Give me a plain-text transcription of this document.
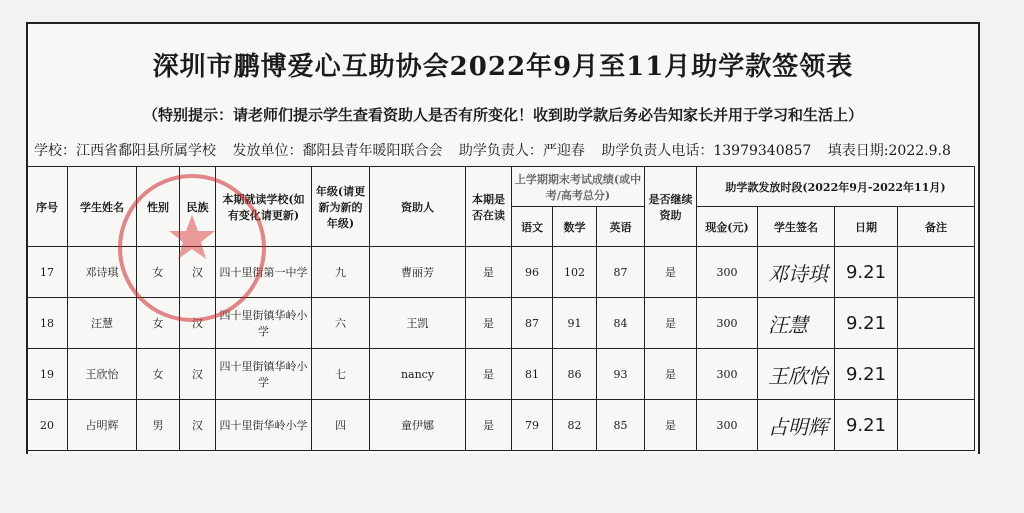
深圳市鹏博爱心互助协会2022年9月至11月助学款签领表
（特别提示：请老师们提示学生查看资助人是否有所变化！收到助学款后务必告知家长并用于学习和生活上）
学校：江西省鄱阳县所属学校 发放单位：鄱阳县青年暖阳联合会 助学负责人：严迎春 助学负责人电话：13979340857 填表日期:2022.9.8
序号	学生姓名	性别	民族	本期就读学校(如有变化请更新)	年级(请更新为新的年级)	资助人	本期是否在读	上学期期末考试成绩(或中考/高考总分)			是否继续资助	助学款发放时段(2022年9月-2022年11月)			
								语文	数学	英语		现金(元)	学生签名	日期	备注
17	邓诗琪	女	汉	四十里街第一中学	九	曹丽芳	是	96	102	87	是	300	邓诗琪	9.21	
18	汪慧	女	汉	四十里街镇华岭小学	六	王凯	是	87	91	84	是	300	汪慧	9.21	
19	王欣怡	女	汉	四十里街镇华岭小学	七	nancy	是	81	86	93	是	300	王欣怡	9.21	
20	占明辉	男	汉	四十里街华岭小学	四	童伊娜	是	79	82	85	是	300	占明辉	9.21	
